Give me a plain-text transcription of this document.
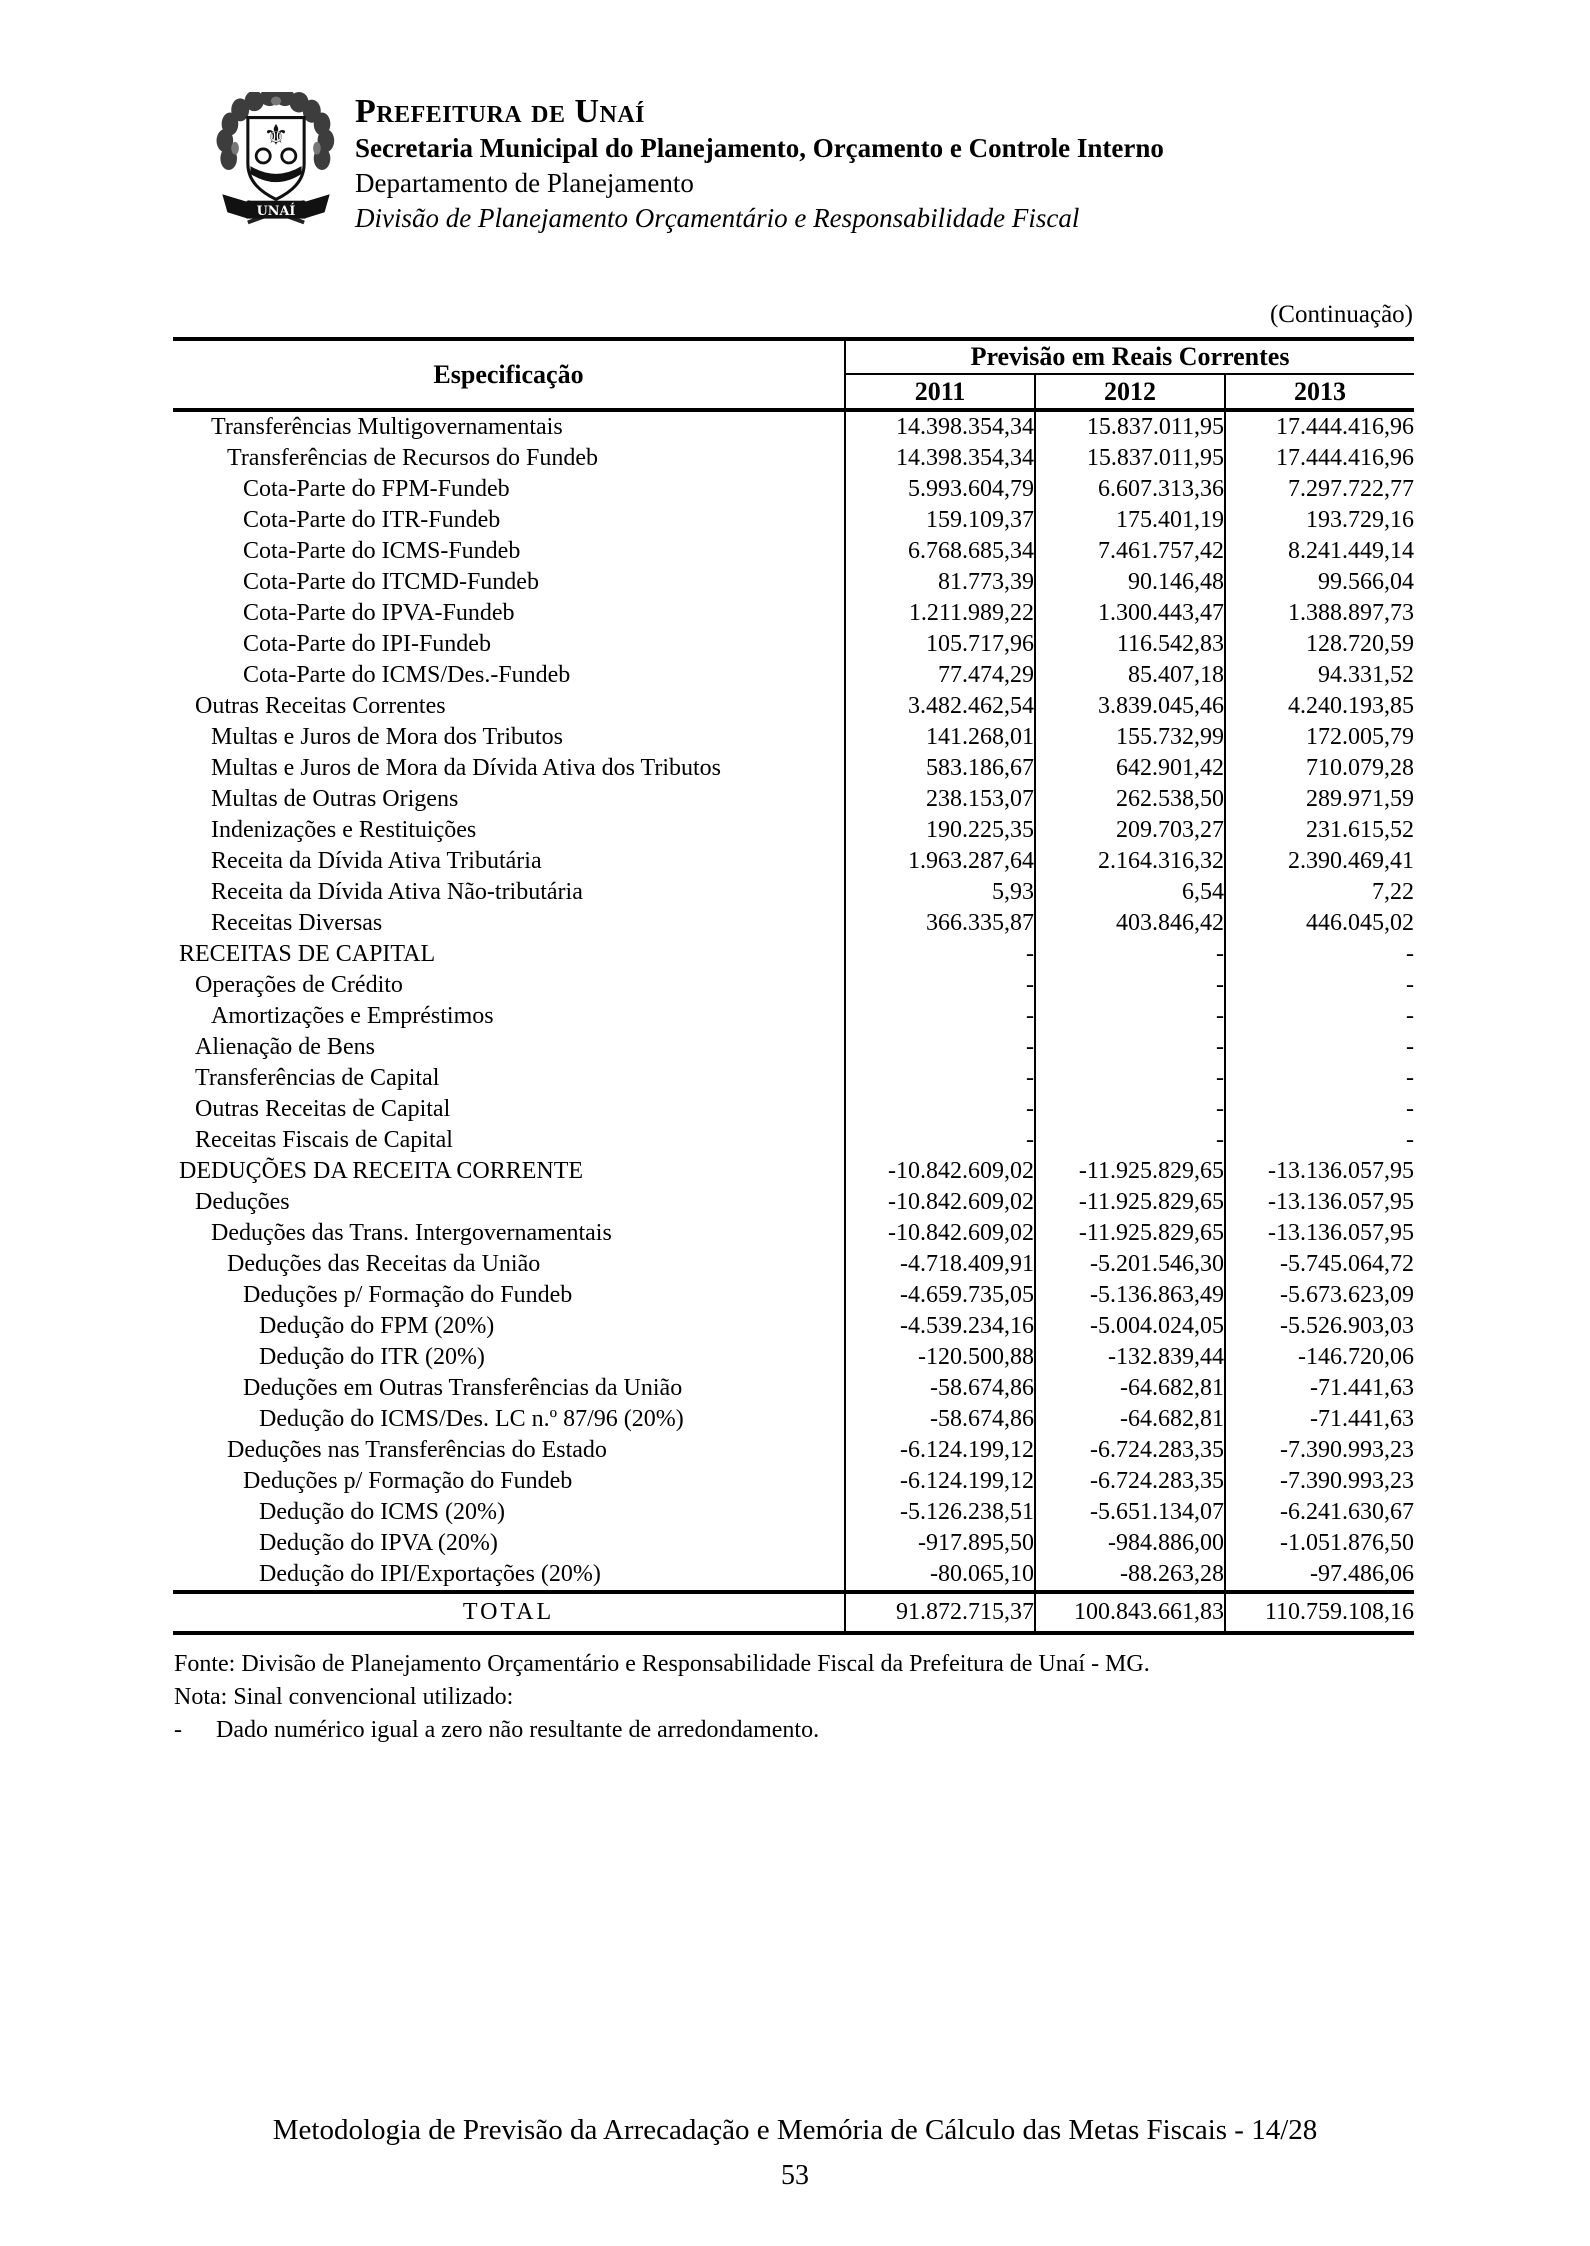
⚜
UNAÍ
Prefeitura de Unaí
Secretaria Municipal do Planejamento, Orçamento e Controle Interno
Departamento de Planejamento
Divisão de Planejamento Orçamentário e Responsabilidade Fiscal
(Continuação)
Especificação	Previsão em Reais Correntes		
	2011	2012	2013
Transferências Multigovernamentais	14.398.354,34	15.837.011,95	17.444.416,96
Transferências de Recursos do Fundeb	14.398.354,34	15.837.011,95	17.444.416,96
Cota-Parte do FPM-Fundeb	5.993.604,79	6.607.313,36	7.297.722,77
Cota-Parte do ITR-Fundeb	159.109,37	175.401,19	193.729,16
Cota-Parte do ICMS-Fundeb	6.768.685,34	7.461.757,42	8.241.449,14
Cota-Parte do ITCMD-Fundeb	81.773,39	90.146,48	99.566,04
Cota-Parte do IPVA-Fundeb	1.211.989,22	1.300.443,47	1.388.897,73
Cota-Parte do IPI-Fundeb	105.717,96	116.542,83	128.720,59
Cota-Parte do ICMS/Des.-Fundeb	77.474,29	85.407,18	94.331,52
Outras Receitas Correntes	3.482.462,54	3.839.045,46	4.240.193,85
Multas e Juros de Mora dos Tributos	141.268,01	155.732,99	172.005,79
Multas e Juros de Mora da Dívida Ativa dos Tributos	583.186,67	642.901,42	710.079,28
Multas de Outras Origens	238.153,07	262.538,50	289.971,59
Indenizações e Restituições	190.225,35	209.703,27	231.615,52
Receita da Dívida Ativa Tributária	1.963.287,64	2.164.316,32	2.390.469,41
Receita da Dívida Ativa Não-tributária	5,93	6,54	7,22
Receitas Diversas	366.335,87	403.846,42	446.045,02
RECEITAS DE CAPITAL	-	-	-
Operações de Crédito	-	-	-
Amortizações e Empréstimos	-	-	-
Alienação de Bens	-	-	-
Transferências de Capital	-	-	-
Outras Receitas de Capital	-	-	-
Receitas Fiscais de Capital	-	-	-
DEDUÇÕES DA RECEITA CORRENTE	-10.842.609,02	-11.925.829,65	-13.136.057,95
Deduções	-10.842.609,02	-11.925.829,65	-13.136.057,95
Deduções das Trans. Intergovernamentais	-10.842.609,02	-11.925.829,65	-13.136.057,95
Deduções das Receitas da União	-4.718.409,91	-5.201.546,30	-5.745.064,72
Deduções p/ Formação do Fundeb	-4.659.735,05	-5.136.863,49	-5.673.623,09
Dedução do FPM (20%)	-4.539.234,16	-5.004.024,05	-5.526.903,03
Dedução do ITR (20%)	-120.500,88	-132.839,44	-146.720,06
Deduções em Outras Transferências da União	-58.674,86	-64.682,81	-71.441,63
Dedução do ICMS/Des. LC n.º 87/96 (20%)	-58.674,86	-64.682,81	-71.441,63
Deduções nas Transferências do Estado	-6.124.199,12	-6.724.283,35	-7.390.993,23
Deduções p/ Formação do Fundeb	-6.124.199,12	-6.724.283,35	-7.390.993,23
Dedução do ICMS (20%)	-5.126.238,51	-5.651.134,07	-6.241.630,67
Dedução do IPVA (20%)	-917.895,50	-984.886,00	-1.051.876,50
Dedução do IPI/Exportações (20%)	-80.065,10	-88.263,28	-97.486,06
TOTAL	91.872.715,37	100.843.661,83	110.759.108,16
Fonte: Divisão de Planejamento Orçamentário e Responsabilidade Fiscal da Prefeitura de Unaí - MG.
Nota: Sinal convencional utilizado:
-	Dado numérico igual a zero não resultante de arredondamento.
Metodologia de Previsão da Arrecadação e Memória de Cálculo das Metas Fiscais - 14/28
53
